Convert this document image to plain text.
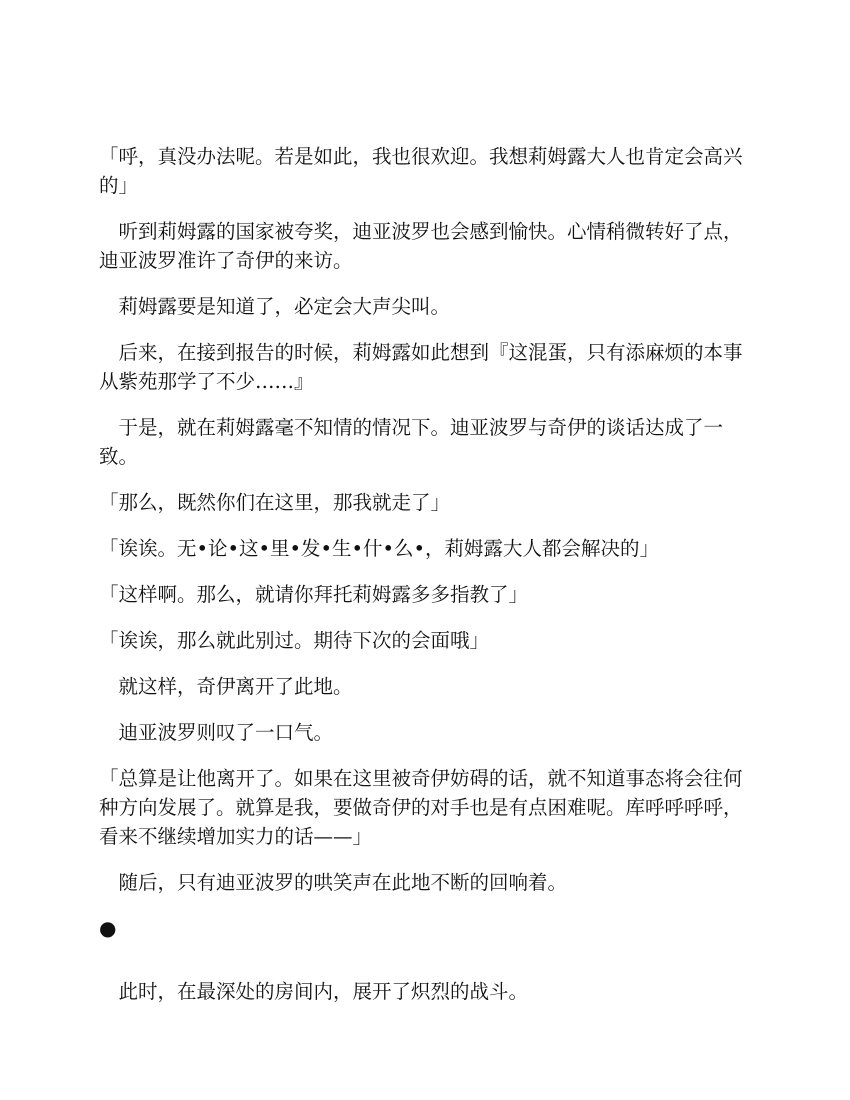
「呼，真没办法呢。若是如此，我也很欢迎。我想莉姆露大人也肯定会高兴的」

听到莉姆露的国家被夸奖，迪亚波罗也会感到愉快。心情稍微转好了点，迪亚波罗准许了奇伊的来访。

莉姆露要是知道了，必定会大声尖叫。

后来，在接到报告的时候，莉姆露如此想到『这混蛋，只有添麻烦的本事从紫苑那学了不少……』

于是，就在莉姆露毫不知情的情况下。迪亚波罗与奇伊的谈话达成了一致。

「那么，既然你们在这里，那我就走了」

「诶诶。无•论•这•里•发•生•什•么•，莉姆露大人都会解决的」

「这样啊。那么，就请你拜托莉姆露多多指教了」

「诶诶，那么就此别过。期待下次的会面哦」

就这样，奇伊离开了此地。

迪亚波罗则叹了一口气。

「总算是让他离开了。如果在这里被奇伊妨碍的话，就不知道事态将会往何种方向发展了。就算是我，要做奇伊的对手也是有点困难呢。库呼呼呼呼，看来不继续增加实力的话——」

随后，只有迪亚波罗的哄笑声在此地不断的回响着。

●

此时，在最深处的房间内，展开了炽烈的战斗。
